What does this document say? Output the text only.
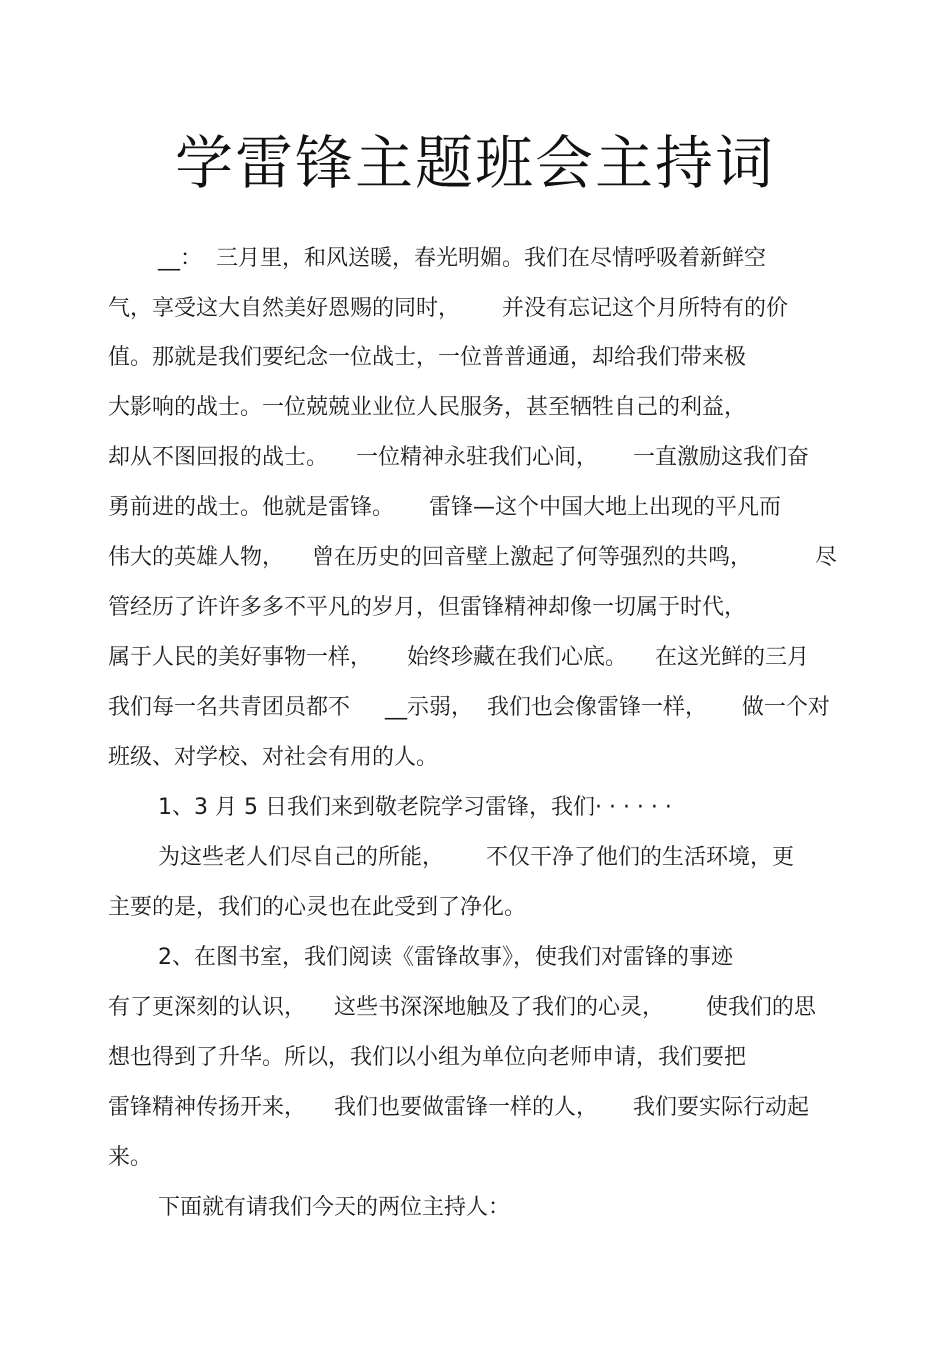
学雷锋主题班会主持词
__：  三月里，和风送暖，春光明媚。我们在尽情呼吸着新鲜空
气，享受这大自然美好恩赐的同时，      并没有忘记这个月所特有的价
值。那就是我们要纪念一位战士，一位普普通通，却给我们带来极
大影响的战士。一位兢兢业业位人民服务，甚至牺牲自己的利益，
却从不图回报的战士。    一位精神永驻我们心间，     一直激励这我们奋
勇前进的战士。他就是雷锋。     雷锋—这个中国大地上出现的平凡而
伟大的英雄人物，    曾在历史的回音壁上激起了何等强烈的共鸣，         尽
管经历了许许多多不平凡的岁月，但雷锋精神却像一切属于时代，
属于人民的美好事物一样，     始终珍藏在我们心底。    在这光鲜的三月
我们每一名共青团员都不     __示弱，  我们也会像雷锋一样，     做一个对
班级、对学校、对社会有用的人。
1、3 月 5 日我们来到敬老院学习雷锋，我们· · · · · ·
为这些老人们尽自己的所能，      不仅干净了他们的生活环境，更
主要的是，我们的心灵也在此受到了净化。
2、在图书室，我们阅读《雷锋故事》，使我们对雷锋的事迹
有了更深刻的认识，    这些书深深地触及了我们的心灵，      使我们的思
想也得到了升华。所以，我们以小组为单位向老师申请，我们要把
雷锋精神传扬开来，    我们也要做雷锋一样的人，     我们要实际行动起
来。
下面就有请我们今天的两位主持人：
